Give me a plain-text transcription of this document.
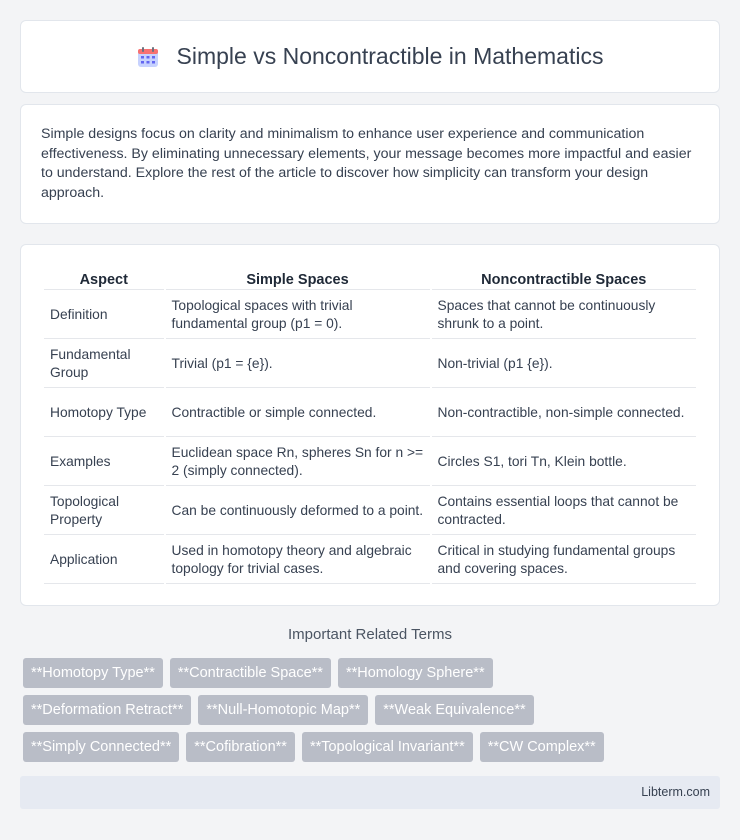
Simple vs Noncontractible in Mathematics

Simple designs focus on clarity and minimalism to enhance user experience and communication effectiveness. By eliminating unnecessary elements, your message becomes more impactful and easier to understand. Explore the rest of the article to discover how simplicity can transform your design approach.

Aspect	Simple Spaces	Noncontractible Spaces
Definition	Topological spaces with trivial fundamental group (p1 = 0).	Spaces that cannot be continuously shrunk to a point.
Fundamental Group	Trivial (p1 = {e}).	Non-trivial (p1 {e}).
Homotopy Type	Contractible or simple connected.	Non-contractible, non-simple connected.
Examples	Euclidean space Rn, spheres Sn for n >= 2 (simply connected).	Circles S1, tori Tn, Klein bottle.
Topological Property	Can be continuously deformed to a point.	Contains essential loops that cannot be contracted.
Application	Used in homotopy theory and algebraic topology for trivial cases.	Critical in studying fundamental groups and covering spaces.
Important Related Terms
**Homotopy Type**	**Contractible Space**	**Homology Sphere**
**Deformation Retract**	**Null-Homotopic Map**	**Weak Equivalence**
**Simply Connected**	**Cofibration**	**Topological Invariant**	**CW Complex**
Libterm.com
